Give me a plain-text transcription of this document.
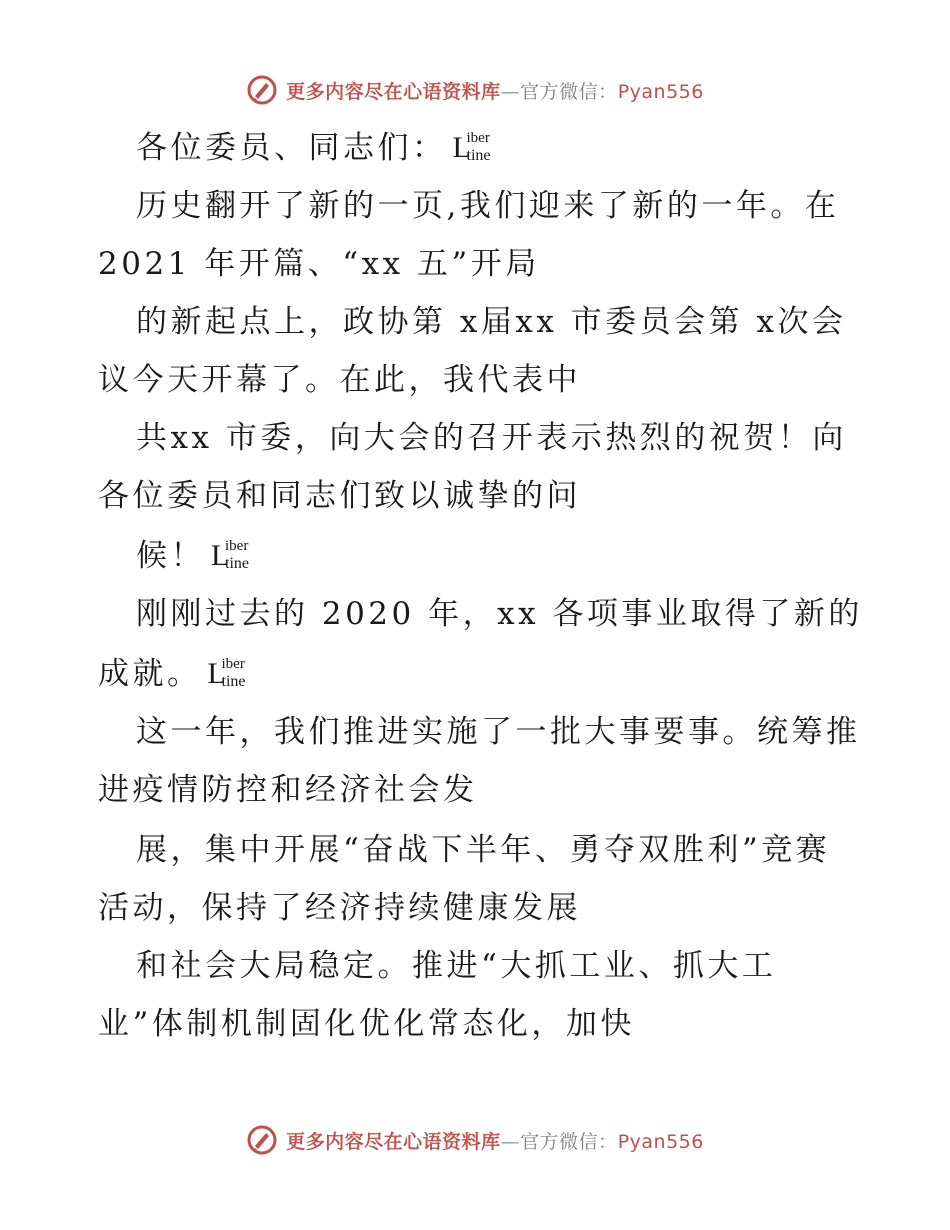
更多内容尽在心语资料库—官方微信：Pyan556
各位委员、同志们： L
iber
tine
历史翻开了新的一页,我们迎来了新的一年。在
2021 年开篇、“xx 五”开局
的新起点上，政协第 x届xx 市委员会第 x次会
议今天开幕了。在此，我代表中
共xx 市委，向大会的召开表示热烈的祝贺！向
各位委员和同志们致以诚挚的问
候！ L
iber
tine
刚刚过去的 2020 年，xx 各项事业取得了新的
成就。 L
iber
tine
这一年，我们推进实施了一批大事要事。统筹推
进疫情防控和经济社会发
展，集中开展“奋战下半年、勇夺双胜利”竞赛
活动，保持了经济持续健康发展
和社会大局稳定。推进“大抓工业、抓大工
业”体制机制固化优化常态化，加快
更多内容尽在心语资料库—官方微信：Pyan556
